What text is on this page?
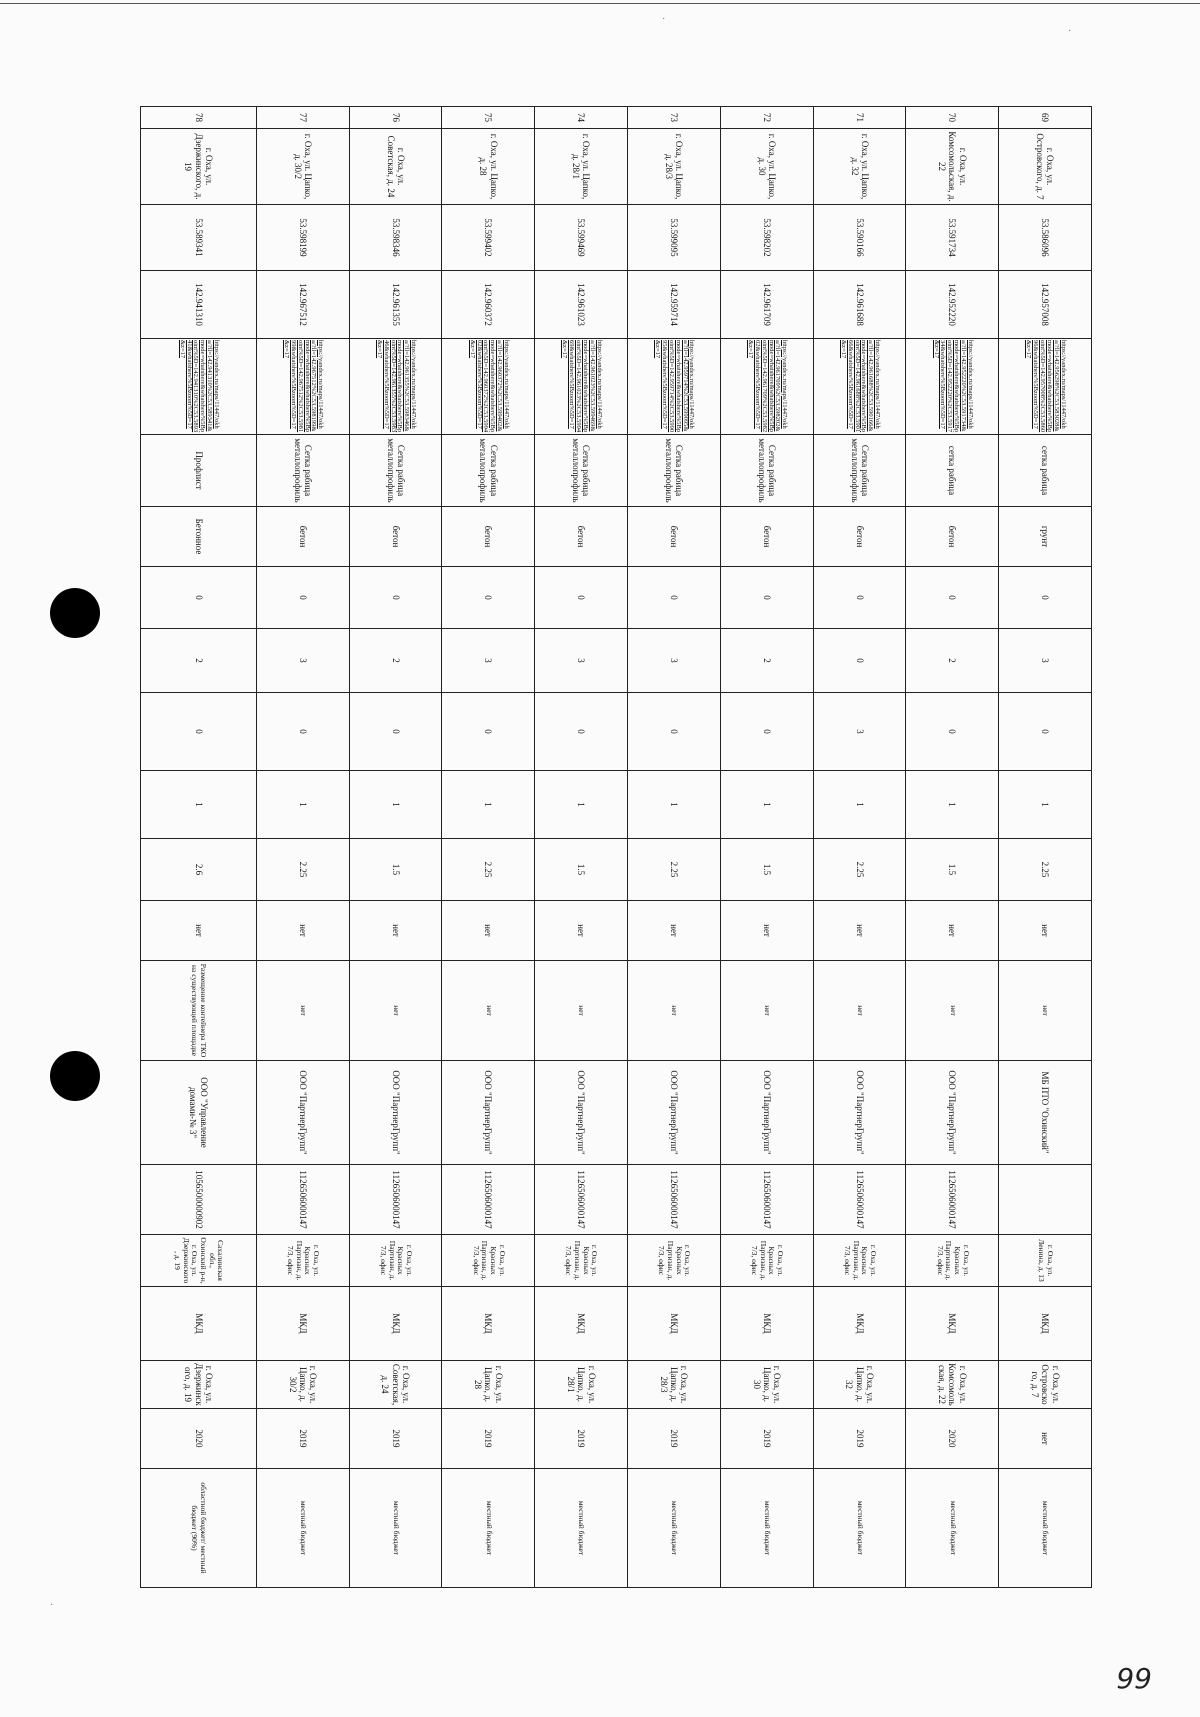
·
·
·
69	г. Оха, ул. Островского, д. 7	53.586096	142.957008	https://yandex.ru/maps/11447/okha/?ll=142.956298%2C53.583028&mode=whatshere&whatshere%5Bpoint%5D=142.957008%2C53.586096&whatshere%5Bzoom%5D=17&z=17	сетка рабица	грунт	0	3	0	1	2.25	нет	нет	МБ ПТО "Охинский"		г. Оха, ул. Ленина, д. 13	МКД	г. Оха, ул. Островского, д. 7	нет	местный бюджет
70	г. Оха, ул. Комсомольская, д. 22	53.591734	142.952220	https://yandex.ru/maps/11447/okha/?ll=142.952220%2C53.591734&mode=whatshere&whatshere%5Bpoint%5D=142.952220%2C53.591734&whatshere%5Bzoom%5D=17&z=17	сетка рабица	бетон	0	2	0	1	1.5	нет	нет	ООО "ПартнерГрупп"	1126506000147	г. Оха, ул. Красных Партизан, д. 7/3, офис	МКД	г. Оха, ул. Комсомольская, д. 22	2020	местный бюджет
71	г. Оха, ул. Цапко, д. 32	53.590166	142.961688	https://yandex.ru/maps/11447/okha/?ll=142.961688%2C53.590166&mode=whatshere&whatshere%5Bpoint%5D=142.961688%2C53.590166&whatshere%5Bzoom%5D=17&z=17	Сетка рабица металлопрофиль	бетон	0	0	3	1	2.25	нет	нет	ООО "ПартнерГрупп"	1126506000147	г. Оха, ул. Красных Партизан, д. 7/3, офис	МКД	г. Оха, ул. Цапко, д. 32	2019	местный бюджет
72	г. Оха, ул. Цапко, д. 30	53.598202	142.961709	https://yandex.ru/maps/11447/okha/?ll=142.961709%2C53.598202&mode=whatshere&whatshere%5Bpoint%5D=142.961709%2C53.598202&whatshere%5Bzoom%5D=17&z=17	Сетка рабица металлопрофиль	бетон	0	2	0	1	1.5	нет	нет	ООО "ПартнерГрупп"	1126506000147	г. Оха, ул. Красных Партизан, д. 7/3, офис	МКД	г. Оха, ул. Цапко, д. 30	2019	местный бюджет
73	г. Оха, ул. Цапко, д. 28/3	53.599095	142.959714	https://yandex.ru/maps/11447/okha/?ll=142.959714%2C53.599095&mode=whatshere&whatshere%5Bpoint%5D=142.959714%2C53.599095&whatshere%5Bzoom%5D=17&z=17	Сетка рабица металлопрофиль	бетон	0	3	0	1	2.25	нет	нет	ООО "ПартнерГрупп"	1126506000147	г. Оха, ул. Красных Партизан, д. 7/3, офис	МКД	г. Оха, ул. Цапко, д. 28/3	2019	местный бюджет
74	г. Оха, ул. Цапко, д. 28/1	53.599469	142.961023	https://yandex.ru/maps/11447/okha/?ll=142.961023%2C53.599469&mode=whatshere&whatshere%5Bpoint%5D=142.961023%2C53.599469&whatshere%5Bzoom%5D=17&z=17	Сетка рабица металлопрофиль	бетон	0	3	0	1	1.5	нет	нет	ООО "ПартнерГрупп"	1126506000147	г. Оха, ул. Красных Партизан, д. 7/3, офис	МКД	г. Оха, ул. Цапко, д. 28/1	2019	местный бюджет
75	г. Оха, ул. Цапко, д. 28	53.599402	142.960372	https://yandex.ru/maps/11447/okha/?ll=142.960372%2C53.599402&mode=whatshere&whatshere%5Bpoint%5D=142.960372%2C53.599402&whatshere%5Bzoom%5D=17&z=17	Сетка рабица металлопрофиль	бетон	0	3	0	1	2.25	нет	нет	ООО "ПартнерГрупп"	1126506000147	г. Оха, ул. Красных Партизан, д. 7/3, офис	МКД	г. Оха, ул. Цапко, д. 28	2019	местный бюджет
76	г. Оха, ул. Советская, д. 24	53.598346	142.961355	https://yandex.ru/maps/11447/okha/?ll=142.961355%2C53.598346&mode=whatshere&whatshere%5Bpoint%5D=142.961355%2C53.598346&whatshere%5Bzoom%5D=17&z=17	Сетка рабица металлопрофиль	бетон	0	2	0	1	1.5	нет	нет	ООО "ПартнерГрупп"	1126506000147	г. Оха, ул. Красных Партизан, д. 7/3, офис	МКД	г. Оха, ул. Советская, д. 24	2019	местный бюджет
77	г. Оха, ул. Цапко, д. 30/2	53.598199	142.967512	https://yandex.ru/maps/11447/okha/?ll=142.967512%2C53.598199&mode=whatshere&whatshere%5Bpoint%5D=142.967512%2C53.598199&whatshere%5Bzoom%5D=17&z=17	Сетка рабица металлопрофиль	бетон	0	3	0	1	2.25	нет	нет	ООО "ПартнерГрупп"	1126506000147	г. Оха, ул. Красных Партизан, д. 7/3, офис	МКД	г. Оха, ул. Цапко, д. 30/2	2019	местный бюджет
78	г. Оха, ул. Дзержинского, д. 19	53.589341	142.941310	https://yandex.ru/maps/11447/okha/?ll=142.941310%2C53.589341&mode=whatshere&whatshere%5Bpoint%5D=142.941310%2C53.589341&whatshere%5Bzoom%5D=17&z=17	Профлист	Бетонное	0	2	0	1	2.6	нет	Размещение контейнера ТКО на существующей площадке	ООО "Управление домами-№ 3"	1056500000902	Сахалинская обл., Охинский р-н, г. Оха, ул. Дзержинского, д. 19	МКД	г. Оха, ул. Дзержинского, д. 19	2020	областной бюджет/ местный бюджет (90%)
99
